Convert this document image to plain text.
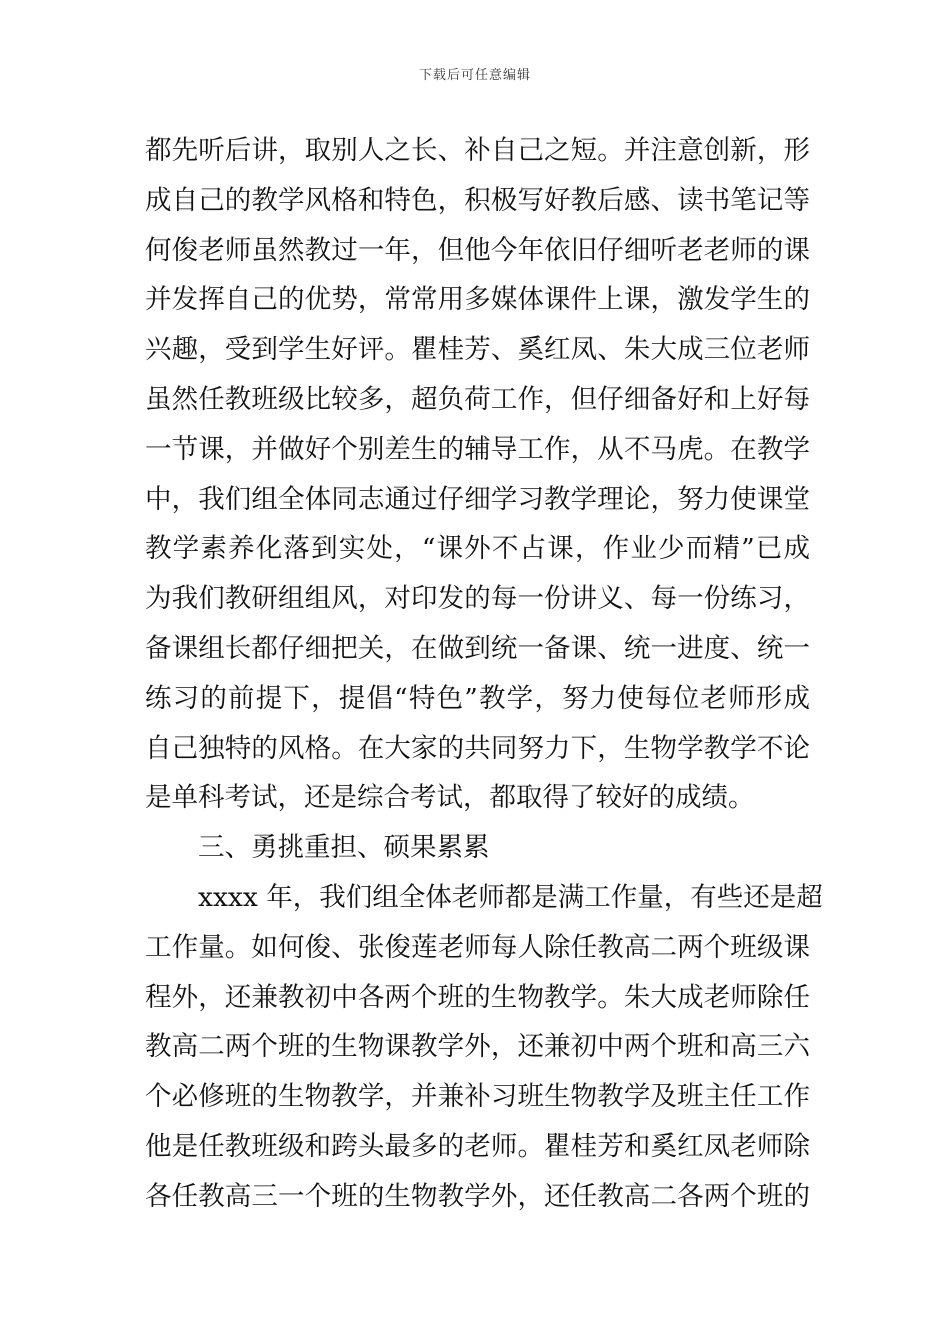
下载后可任意编辑
都先听后讲，取别人之长、补自己之短。并注意创新，形
成自己的教学风格和特色，积极写好教后感、读书笔记等
何俊老师虽然教过一年，但他今年依旧仔细听老老师的课
并发挥自己的优势，常常用多媒体课件上课，激发学生的
兴趣，受到学生好评。瞿桂芳、奚红凤、朱大成三位老师
虽然任教班级比较多，超负荷工作，但仔细备好和上好每
一节课，并做好个别差生的辅导工作，从不马虎。在教学
中，我们组全体同志通过仔细学习教学理论，努力使课堂
教学素养化落到实处，“课外不占课，作业少而精”已成
为我们教研组组风，对印发的每一份讲义、每一份练习，
备课组长都仔细把关，在做到统一备课、统一进度、统一
练习的前提下，提倡“特色”教学，努力使每位老师形成
自己独特的风格。在大家的共同努力下，生物学教学不论
是单科考试，还是综合考试，都取得了较好的成绩。
三、勇挑重担、硕果累累
xxxx 年，我们组全体老师都是满工作量，有些还是超
工作量。如何俊、张俊莲老师每人除任教高二两个班级课
程外，还兼教初中各两个班的生物教学。朱大成老师除任
教高二两个班的生物课教学外，还兼初中两个班和高三六
个必修班的生物教学，并兼补习班生物教学及班主任工作
他是任教班级和跨头最多的老师。瞿桂芳和奚红凤老师除
各任教高三一个班的生物教学外，还任教高二各两个班的
